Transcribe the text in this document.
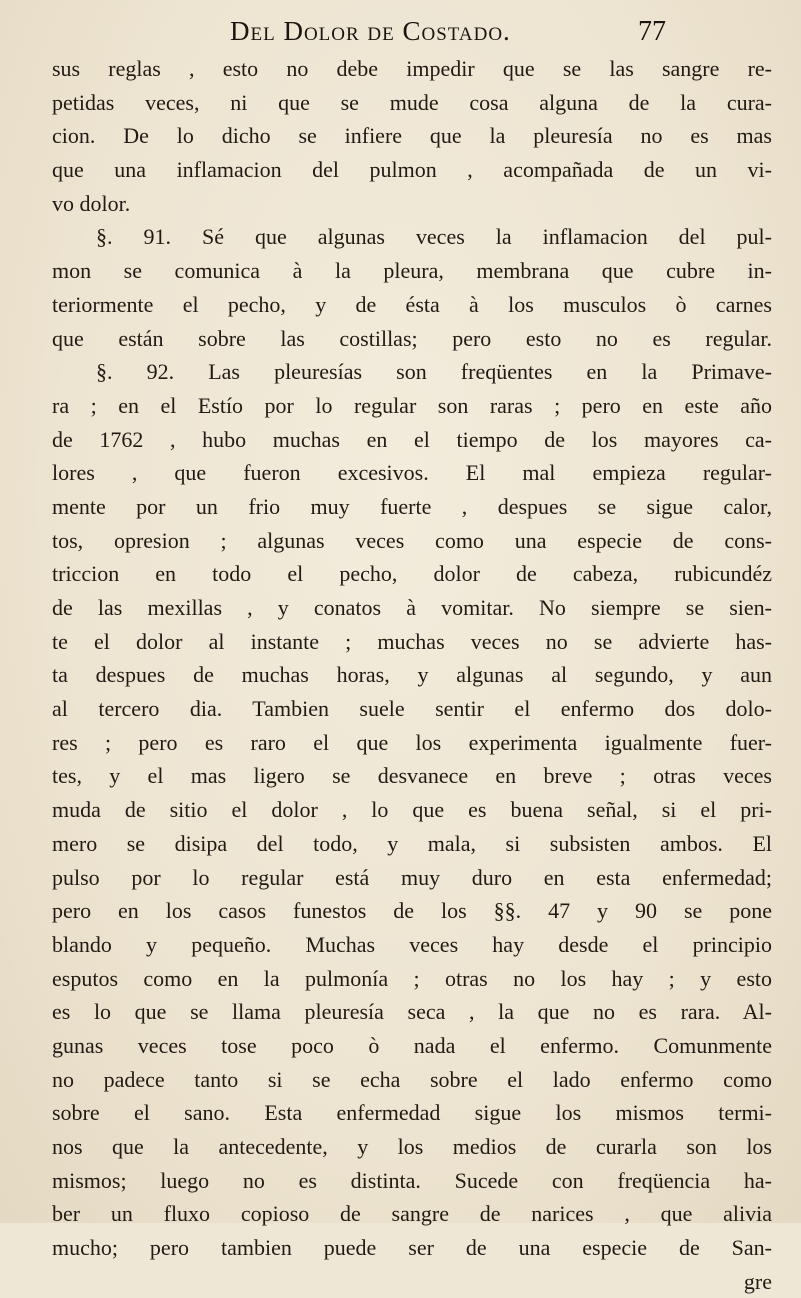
Del Dolor de Costado.	77
sus reglas , esto no debe impedir que se las sangre re-
petidas veces, ni que se mude cosa alguna de la cura-
cion. De lo dicho se infiere que la pleuresía no es mas
que una inflamacion del pulmon , acompañada de un vi-
vo dolor.
§. 91. Sé que algunas veces la inflamacion del pul-
mon se comunica à la pleura, membrana que cubre in-
teriormente el pecho, y de ésta à los musculos ò carnes
que están sobre las costillas; pero esto no es regular.
§. 92. Las pleuresías son freqüentes en la Primave-
ra ; en el Estío por lo regular son raras ; pero en este año
de 1762 , hubo muchas en el tiempo de los mayores ca-
lores , que fueron excesivos. El mal empieza regular-
mente por un frio muy fuerte , despues se sigue calor,
tos, opresion ; algunas veces como una especie de cons-
triccion en todo el pecho, dolor de cabeza, rubicundéz
de las mexillas , y conatos à vomitar. No siempre se sien-
te el dolor al instante ; muchas veces no se advierte has-
ta despues de muchas horas, y algunas al segundo, y aun
al tercero dia. Tambien suele sentir el enfermo dos dolo-
res ; pero es raro el que los experimenta igualmente fuer-
tes, y el mas ligero se desvanece en breve ; otras veces
muda de sitio el dolor , lo que es buena señal, si el pri-
mero se disipa del todo, y mala, si subsisten ambos. El
pulso por lo regular está muy duro en esta enfermedad;
pero en los casos funestos de los §§. 47 y 90 se pone
blando y pequeño. Muchas veces hay desde el principio
esputos como en la pulmonía ; otras no los hay ; y esto
es lo que se llama pleuresía seca , la que no es rara. Al-
gunas veces tose poco ò nada el enfermo. Comunmente
no padece tanto si se echa sobre el lado enfermo como
sobre el sano. Esta enfermedad sigue los mismos termi-
nos que la antecedente, y los medios de curarla son los
mismos; luego no es distinta. Sucede con freqüencia ha-
ber un fluxo copioso de sangre de narices , que alivia
mucho; pero tambien puede ser de una especie de San-
gre
